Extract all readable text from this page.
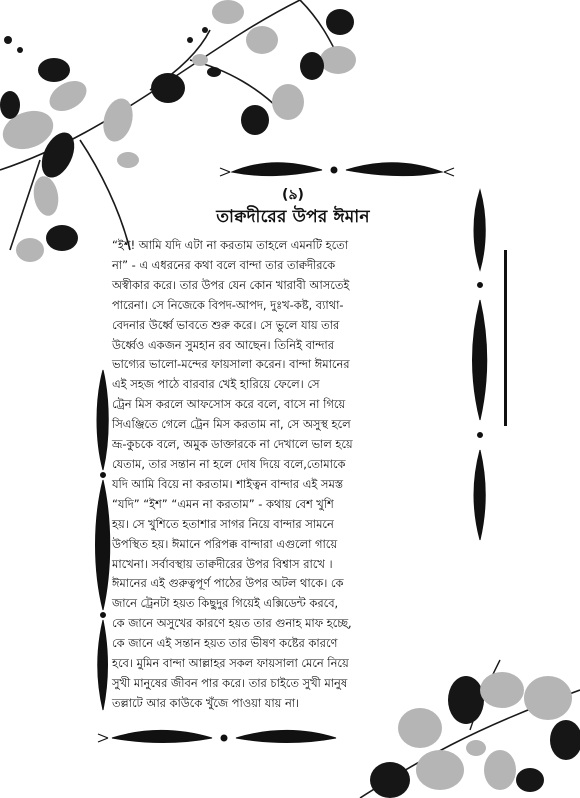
(৯)
তাক্বদীরের উপর ঈমান
“ইশ! আমি যদি এটা না করতাম তাহলে এমনটি হতো
না” - এ এধরনের কথা বলে বান্দা তার তাক্বদীরকে
অস্বীকার করে। তার উপর যেন কোন খারাবী আসতেই
পারেনা। সে নিজেকে বিপদ-আপদ, দুঃখ-কষ্ট, ব্যাথা-
বেদনার উর্ধ্বে ভাবতে শুরু করে। সে ভুলে যায় তার
উর্ধ্বেও একজন সুমহান রব আছেন। তিনিই বান্দার
ভাগ্যের ভালো-মন্দের ফায়সালা করেন। বান্দা ঈমানের
এই সহজ পাঠে বারবার খেই হারিয়ে ফেলে। সে
ট্রেন মিস করলে আফসোস করে বলে, বাসে না গিয়ে
সিএঞ্জিতে গেলে ট্রেন মিস করতাম না, সে অসুস্থ হলে
ভ্রূ-কুচকে বলে, অমুক ডাক্তারকে না দেখালে ভাল হয়ে
যেতাম, তার সন্তান না হলে দোষ দিয়ে বলে,তোমাকে
যদি আমি বিয়ে না করতাম। শাইত্বন বান্দার এই সমস্ত
“যদি” “ইশ” “এমন না করতাম” - কথায় বেশ খুশি
হয়। সে খুশিতে হতাশার সাগর নিয়ে বান্দার সামনে
উপস্থিত হয়। ঈমানে পরিপক্ক বান্দারা এগুলো গায়ে
মাখেনা। সর্বাবস্থায় তাক্বদীরের উপর বিশ্বাস রাখে ।
ঈমানের এই গুরুত্বপূর্ণ পাঠের উপর অটল থাকে। কে
জানে ট্রেনটা হয়ত কিছুদুর গিয়েই এক্সিডেন্ট করবে,
কে জানে অসুখের কারণে হয়ত তার গুনাহ মাফ হচ্ছে,
কে জানে এই সন্তান হয়ত তার ভীষণ কষ্টের কারণে
হবে। মুমিন বান্দা আল্লাহর সকল ফায়সালা মেনে নিয়ে
সুখী মানুষের জীবন পার করে। তার চাইতে সুখী মানুষ
তল্লাটে আর কাউকে খুঁজে পাওয়া যায় না।
